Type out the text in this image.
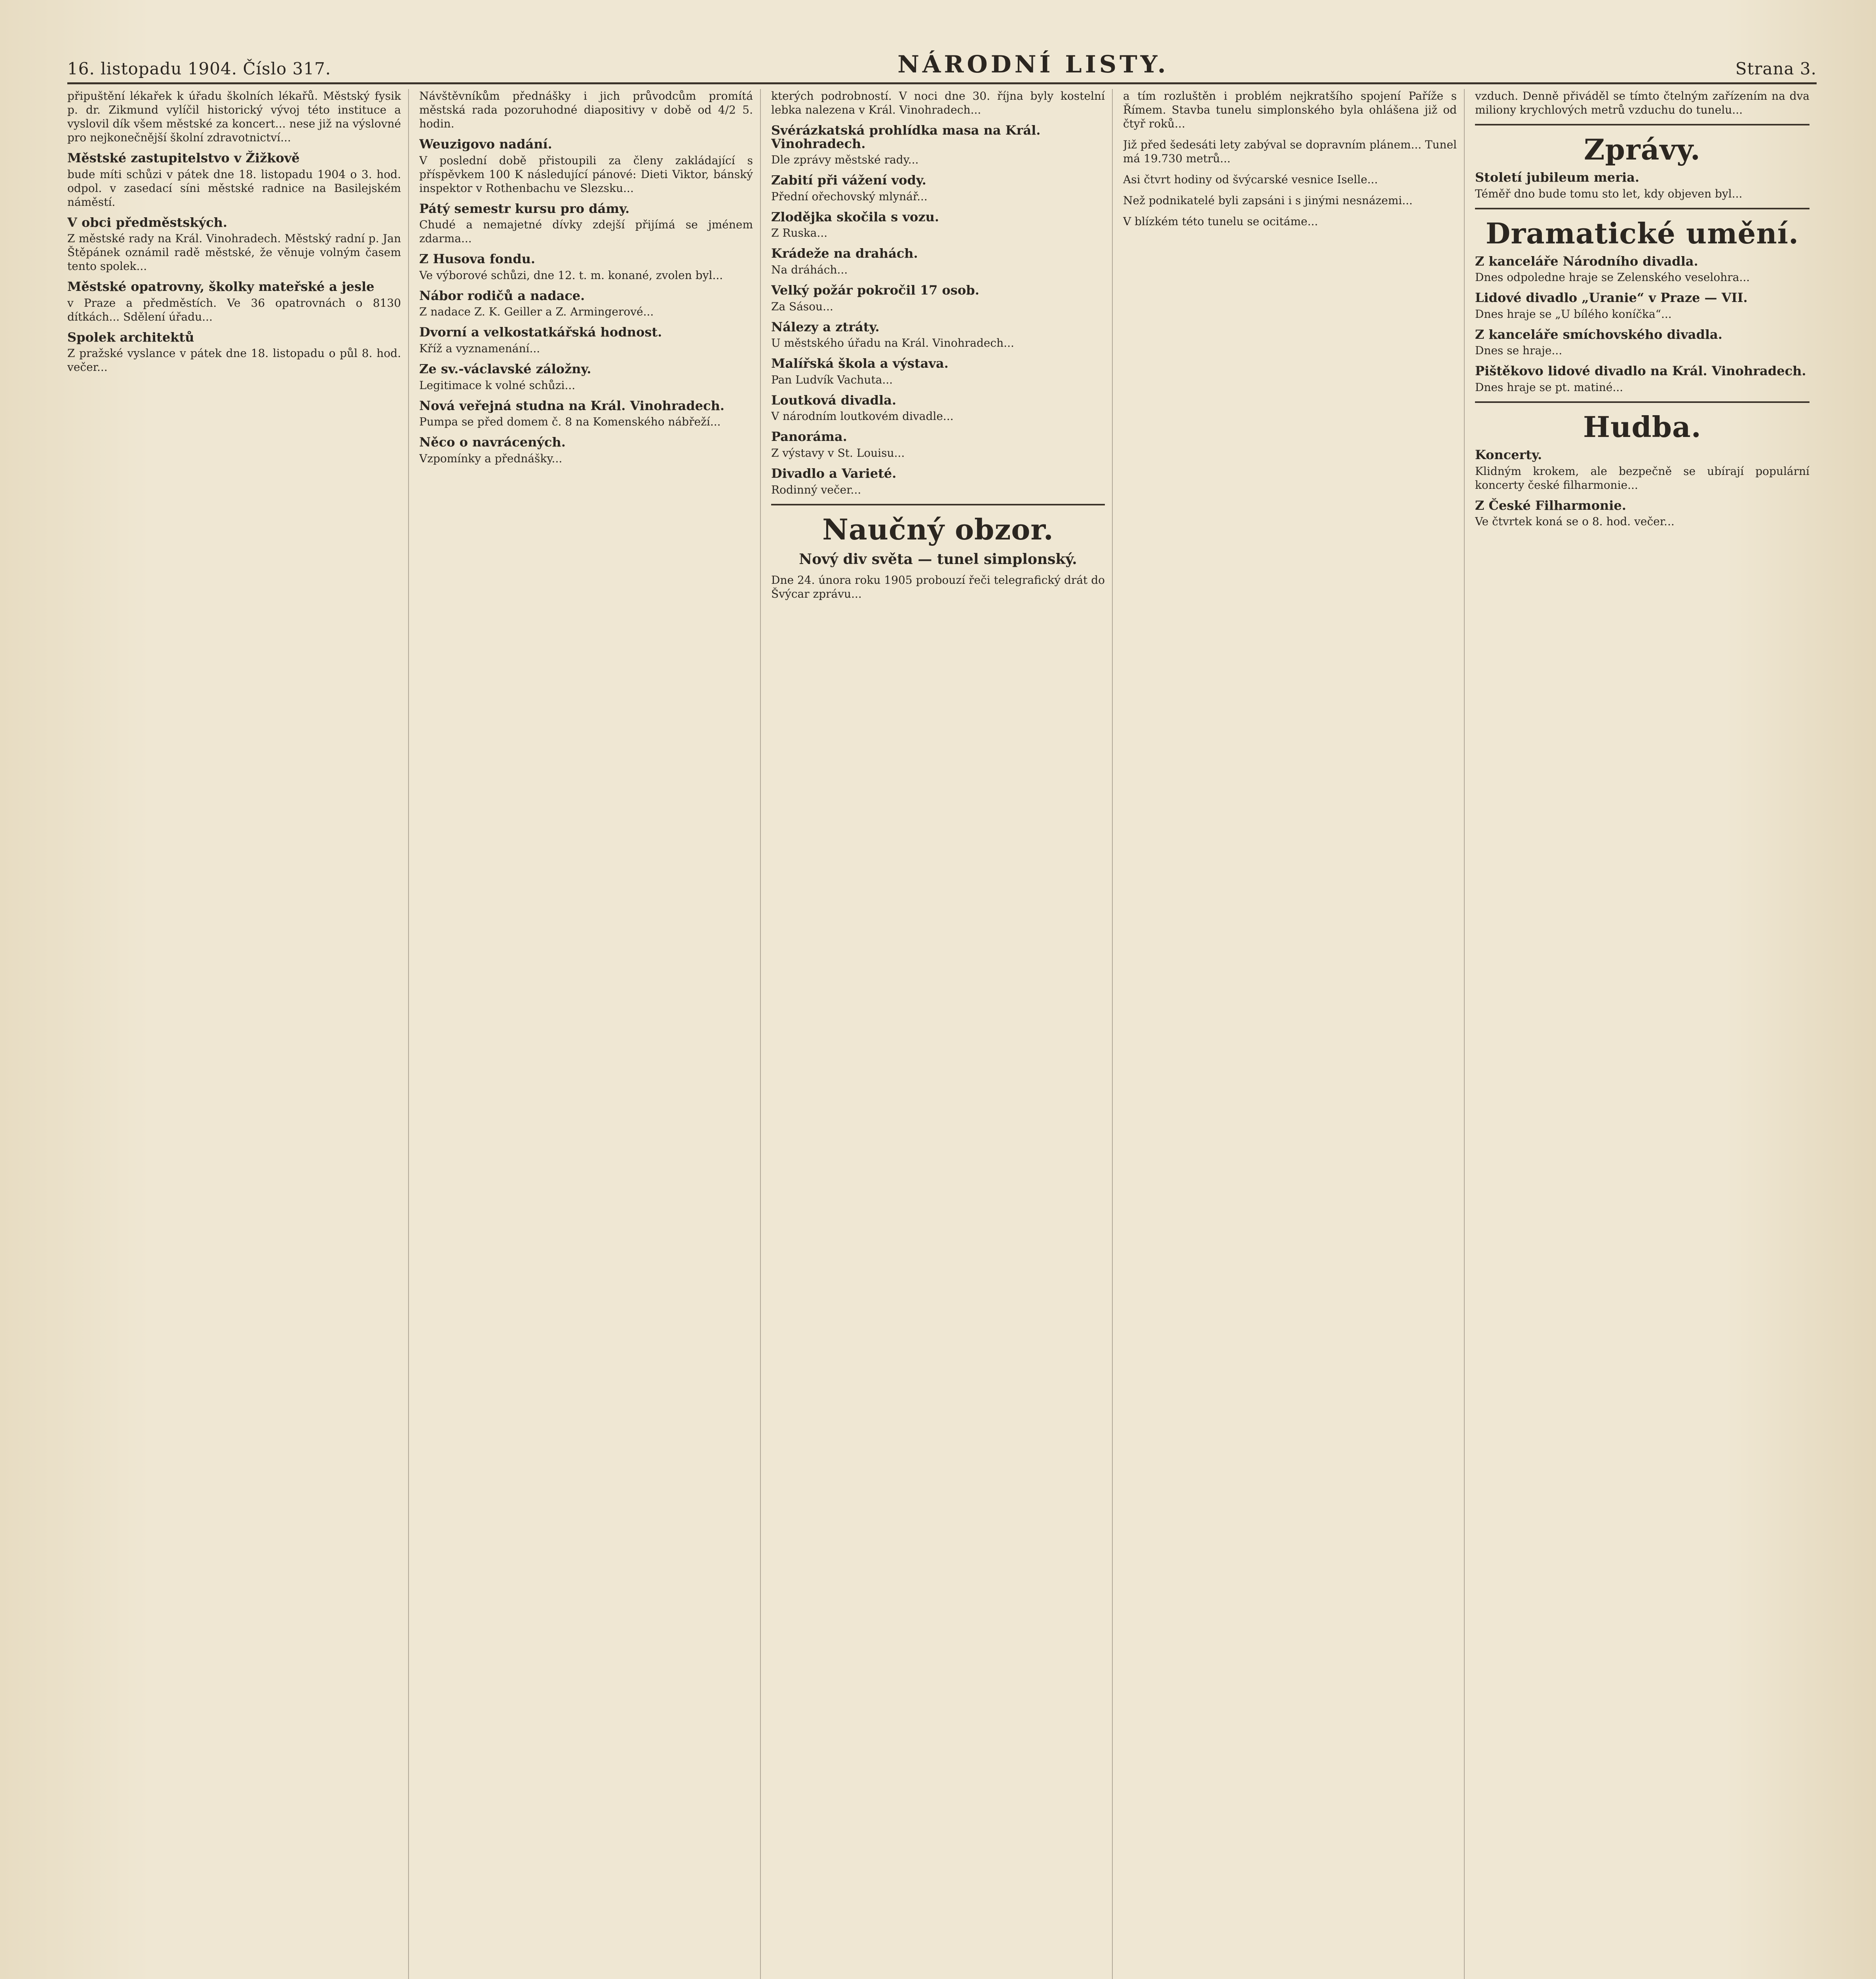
16. listopadu 1904. Číslo 317.	NÁRODNÍ LISTY.	Strana 3.

připuštění lékařek k úřadu školních lékařů. Městský fysik p. dr. Zikmund vylíčil historický vývoj této instituce a vyslovil dík všem městské za koncert... nese již na výslovné pro nejkonečnější školní zdravotnictví...

Městské zastupitelstvo v Žižkově

bude míti schůzi v pátek dne 18. listopadu 1904 o 3. hod. odpol. v zasedací síni městské radnice na Basilejském náměstí.

V obci předměstských.

Z městské rady na Král. Vinohradech. Městský radní p. Jan Štěpánek oznámil radě městské, že věnuje volným časem tento spolek...

Městské opatrovny, školky mateřské a jesle

v Praze a předměstích. Ve 36 opatrovnách o 8130 dítkách... Sdělení úřadu...

Spolek architektů

Z pražské vyslance v pátek dne 18. listopadu o půl 8. hod. večer...

Návštěvníkům přednášky i jich průvodcům promítá městská rada pozoruhodné diapositivy v době od 4/2 5. hodin.

Weuzigovo nadání.

V poslední době přistoupili za členy zakládající s příspěvkem 100 K následující pánové: Dieti Viktor, bánský inspektor v Rothenbachu ve Slezsku...

Pátý semestr kursu pro dámy.

Chudé a nemajetné dívky zdejší přijímá se jménem zdarma...

Z Husova fondu.

Ve výborové schůzi, dne 12. t. m. konané, zvolen byl...

Nábor rodičů a nadace.

Z nadace Z. K. Geiller a Z. Armingerové...

Dvorní a velkostatkářská hodnost.

Kříž a vyznamenání...

Ze sv.-václavské záložny.

Legitimace k volné schůzi...

Nová veřejná studna na Král. Vinohradech.

Pumpa se před domem č. 8 na Komenského nábřeží...

Něco o navrácených.

Vzpomínky a přednášky...

kterých podrobností. V noci dne 30. října byly kostelní lebka nalezena v Král. Vinohradech...

Svérázkatská prohlídka masa na Král. Vinohradech.

Dle zprávy městské rady...

Zabití při vážení vody.

Přední ořechovský mlynář...

Zlodějka skočila s vozu.

Z Ruska...

Krádeže na drahách.

Na dráhách...

Velký požár pokročil 17 osob.

Za Sásou...

Nálezy a ztráty.

U městského úřadu na Král. Vinohradech...

Malířská škola a výstava.

Pan Ludvík Vachuta...

Loutková divadla.

V národním loutkovém divadle...

Panoráma.

Z výstavy v St. Louisu...

Divadlo a Varieté.

Rodinný večer...

Naučný obzor.
Nový div světa — tunel simplonský.

Dne 24. února roku 1905 probouzí řeči telegrafický drát do Švýcar zprávu...

a tím rozluštěn i problém nejkratšího spojení Paříže s Římem. Stavba tunelu simplonského byla ohlášena již od čtyř roků...

Již před šedesáti lety zabýval se dopravním plánem... Tunel má 19.730 metrů...

Asi čtvrt hodiny od švýcarské vesnice Iselle...

Než podnikatelé byli zapsáni i s jinými nesnázemi...

V blízkém této tunelu se ocitáme...

vzduch. Denně přiváděl se tímto čtelným zařízením na dva miliony krychlových metrů vzduchu do tunelu...

Zprávy.
Století jubileum meria.

Téměř dno bude tomu sto let, kdy objeven byl...

Dramatické umění.
Z kanceláře Národního divadla.

Dnes odpoledne hraje se Zelenského veselohra...

Lidové divadlo „Uranie“ v Praze — VII.

Dnes hraje se „U bílého koníčka“...

Z kanceláře smíchovského divadla.

Dnes se hraje...

Pištěkovo lidové divadlo na Král. Vinohradech.

Dnes hraje se pt. matiné...

Hudba.
Koncerty.

Klidným krokem, ale bezpečně se ubírají populární koncerty české filharmonie...

Z České Filharmonie.

Ve čtvrtek koná se o 8. hod. večer...
